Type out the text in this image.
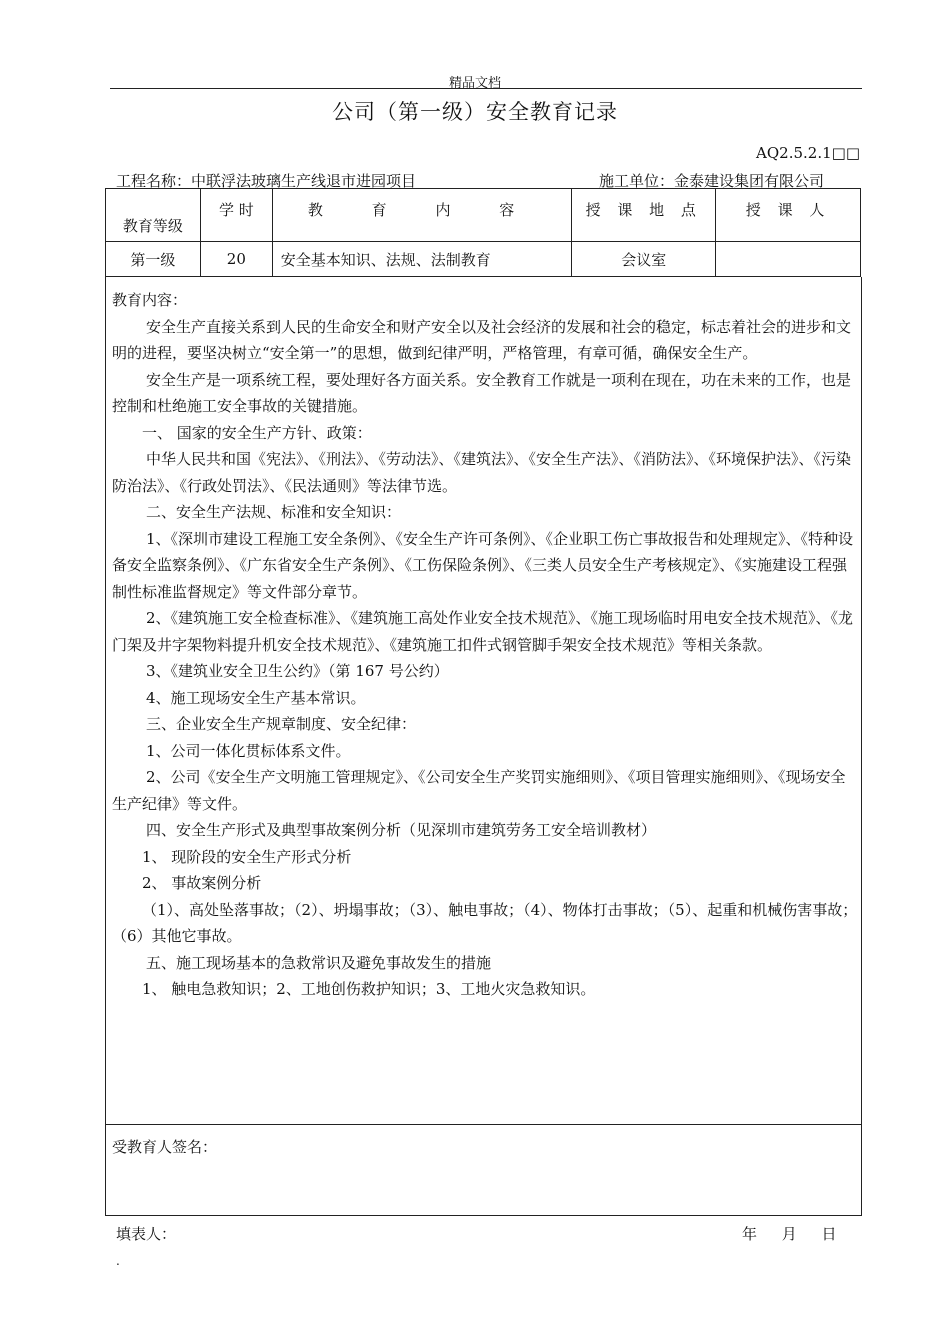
精品文档
公司（第一级）安全教育记录
AQ2.5.2.1□□
工程名称：中联浮法玻璃生产线退市进园项目	施工单位：金泰建设集团有限公司
教育等级	学 时	教 育 内 容	授 课 地 点	授 课 人
第一级	20	安全基本知识、法规、法制教育	会议室	

教育内容：

安全生产直接关系到人民的生命安全和财产安全以及社会经济的发展和社会的稳定，标志着社会的进步和文明的进程，要坚决树立“安全第一”的思想，做到纪律严明，严格管理，有章可循，确保安全生产。

安全生产是一项系统工程，要处理好各方面关系。安全教育工作就是一项利在现在，功在未来的工作，也是控制和杜绝施工安全事故的关键措施。

一、 国家的安全生产方针、政策：

中华人民共和国《宪法》、《刑法》、《劳动法》、《建筑法》、《安全生产法》、《消防法》、《环境保护法》、《污染防治法》、《行政处罚法》、《民法通则》等法律节选。

二、安全生产法规、标准和安全知识：

1、《深圳市建设工程施工安全条例》、《安全生产许可条例》、《企业职工伤亡事故报告和处理规定》、《特种设备安全监察条例》、《广东省安全生产条例》、《工伤保险条例》、《三类人员安全生产考核规定》、《实施建设工程强制性标准监督规定》等文件部分章节。

2、《建筑施工安全检查标准》、《建筑施工高处作业安全技术规范》、《施工现场临时用电安全技术规范》、《龙门架及井字架物料提升机安全技术规范》、《建筑施工扣件式钢管脚手架安全技术规范》等相关条款。

3、《建筑业安全卫生公约》（第 167 号公约）

4、施工现场安全生产基本常识。

三、企业安全生产规章制度、安全纪律：

1、公司一体化贯标体系文件。

2、公司《安全生产文明施工管理规定》、《公司安全生产奖罚实施细则》、《项目管理实施细则》、《现场安全生产纪律》等文件。

四、安全生产形式及典型事故案例分析（见深圳市建筑劳务工安全培训教材）

1、 现阶段的安全生产形式分析

2、 事故案例分析

（1）、高处坠落事故；（2）、坍塌事故；（3）、触电事故；（4）、物体打击事故；（5）、起重和机械伤害事故；（6）其他它事故。

五、施工现场基本的急救常识及避免事故发生的措施

1、 触电急救知识；2、工地创伤救护知识；3、工地火灾急救知识。

受教育人签名：
填表人：	年 月 日
.
